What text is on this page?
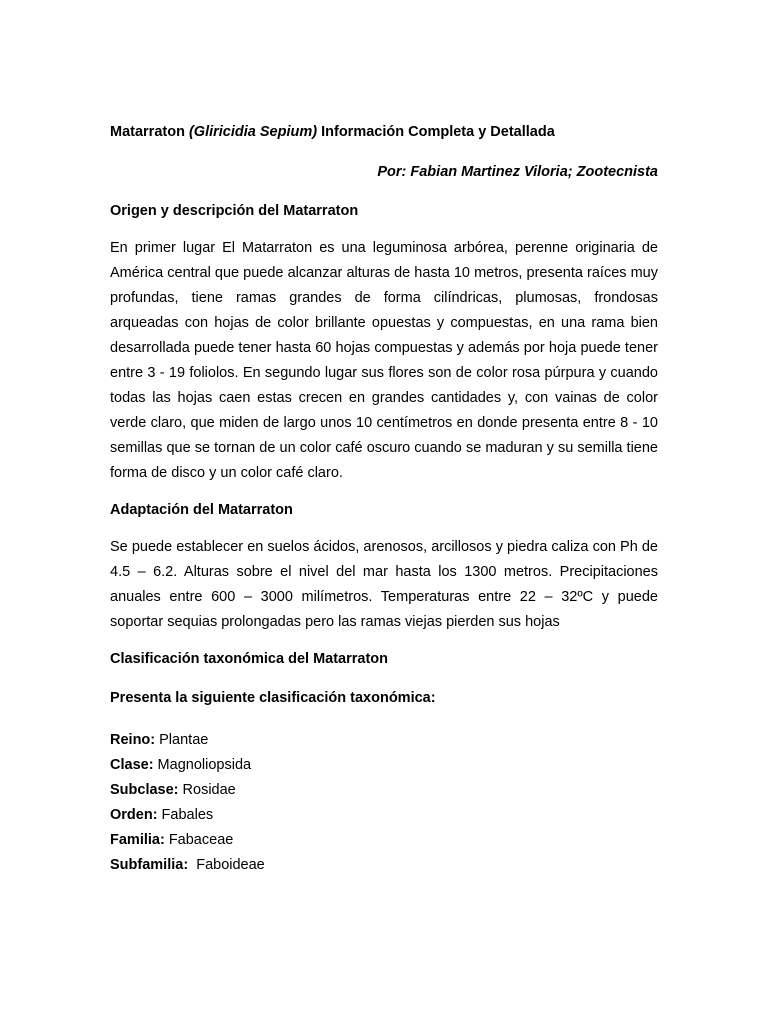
Matarraton (Gliricidia Sepium) Información Completa y Detallada

Por: Fabian Martinez Viloria; Zootecnista

Origen y descripción del Matarraton

En primer lugar El Matarraton es una leguminosa arbórea, perenne originaria de América central que puede alcanzar alturas de hasta 10 metros, presenta raíces muy profundas, tiene ramas grandes de forma cilíndricas, plumosas, frondosas arqueadas con hojas de color brillante opuestas y compuestas, en una rama bien desarrollada puede tener hasta 60 hojas compuestas y además por hoja puede tener entre 3 - 19 foliolos. En segundo lugar sus flores son de color rosa púrpura y cuando todas las hojas caen estas crecen en grandes cantidades y, con vainas de color verde claro, que miden de largo unos 10 centímetros en donde presenta entre 8 - 10 semillas que se tornan de un color café oscuro cuando se maduran y su semilla tiene forma de disco y un color café claro.

Adaptación del Matarraton

Se puede establecer en suelos ácidos, arenosos, arcillosos y piedra caliza con Ph de 4.5 – 6.2. Alturas sobre el nivel del mar hasta los 1300 metros. Precipitaciones anuales entre 600 – 3000 milímetros. Temperaturas entre 22 – 32ºC y puede soportar sequias prolongadas pero las ramas viejas pierden sus hojas

Clasificación taxonómica del Matarraton
Presenta la siguiente clasificación taxonómica:
Reino: Plantae
Clase: Magnoliopsida
Subclase: Rosidae
Orden: Fabales
Familia: Fabaceae
Subfamilia:  Faboideae
